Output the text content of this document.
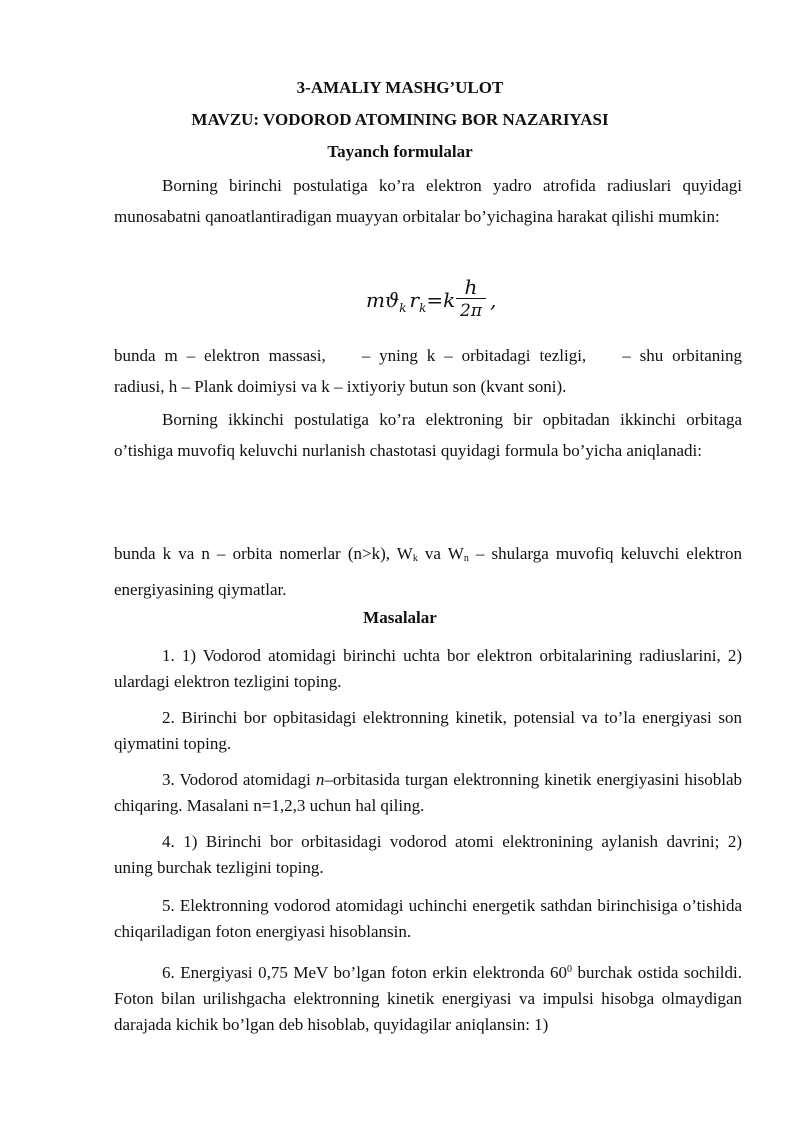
3-AMALIY MASHG’ULOT
MAVZU: VODOROD ATOMINING BOR NAZARIYASI
Tayanch formulalar
Borning birinchi postulatiga ko’ra elektron yadro atrofida radiuslari quyidagi munosabatni qanoatlantiradigan muayyan orbitalar bo’yichagina harakat qilishi mumkin:
$mϑ_k$ $r_k=k$
h
2π ,
bunda m – elektron massasi, – yning k – orbitadagi tezligi, – shu orbitaning radiusi, h – Plank doimiysi va k – ixtiyoriy butun son (kvant soni).
Borning ikkinchi postulatiga ko’ra elektroning bir opbitadan ikkinchi orbitaga o’tishiga muvofiq keluvchi nurlanish chastotasi quyidagi formula bo’yicha aniqlanadi:
bunda k va n – orbita nomerlar (n>k), $W_k$ va $W_n$ – shularga muvofiq keluvchi elektron energiyasining qiymatlar.
Masalalar
1. 1) Vodorod atomidagi birinchi uchta bor elektron orbitalarining radiuslarini, 2) ulardagi elektron tezligini toping.
2. Birinchi bor opbitasidagi elektronning kinetik, potensial va to’la energiyasi son qiymatini toping.
3. Vodorod atomidagi n–orbitasida turgan elektronning kinetik energiyasini hisoblab chiqaring. Masalani n=1,2,3 uchun hal qiling.
4. 1) Birinchi bor orbitasidagi vodorod atomi elektronining aylanish davrini; 2) uning burchak tezligini toping.
5. Elektronning vodorod atomidagi uchinchi energetik sathdan birinchisiga o’tishida chiqariladigan foton energiyasi hisoblansin.
6. Energiyasi 0,75 MeV bo’lgan foton erkin elektronda $60^0$ burchak ostida sochildi. Foton bilan urilishgacha elektronning kinetik energiyasi va impulsi hisobga olmaydigan darajada kichik bo’lgan deb hisoblab, quyidagilar aniqlansin: 1)
